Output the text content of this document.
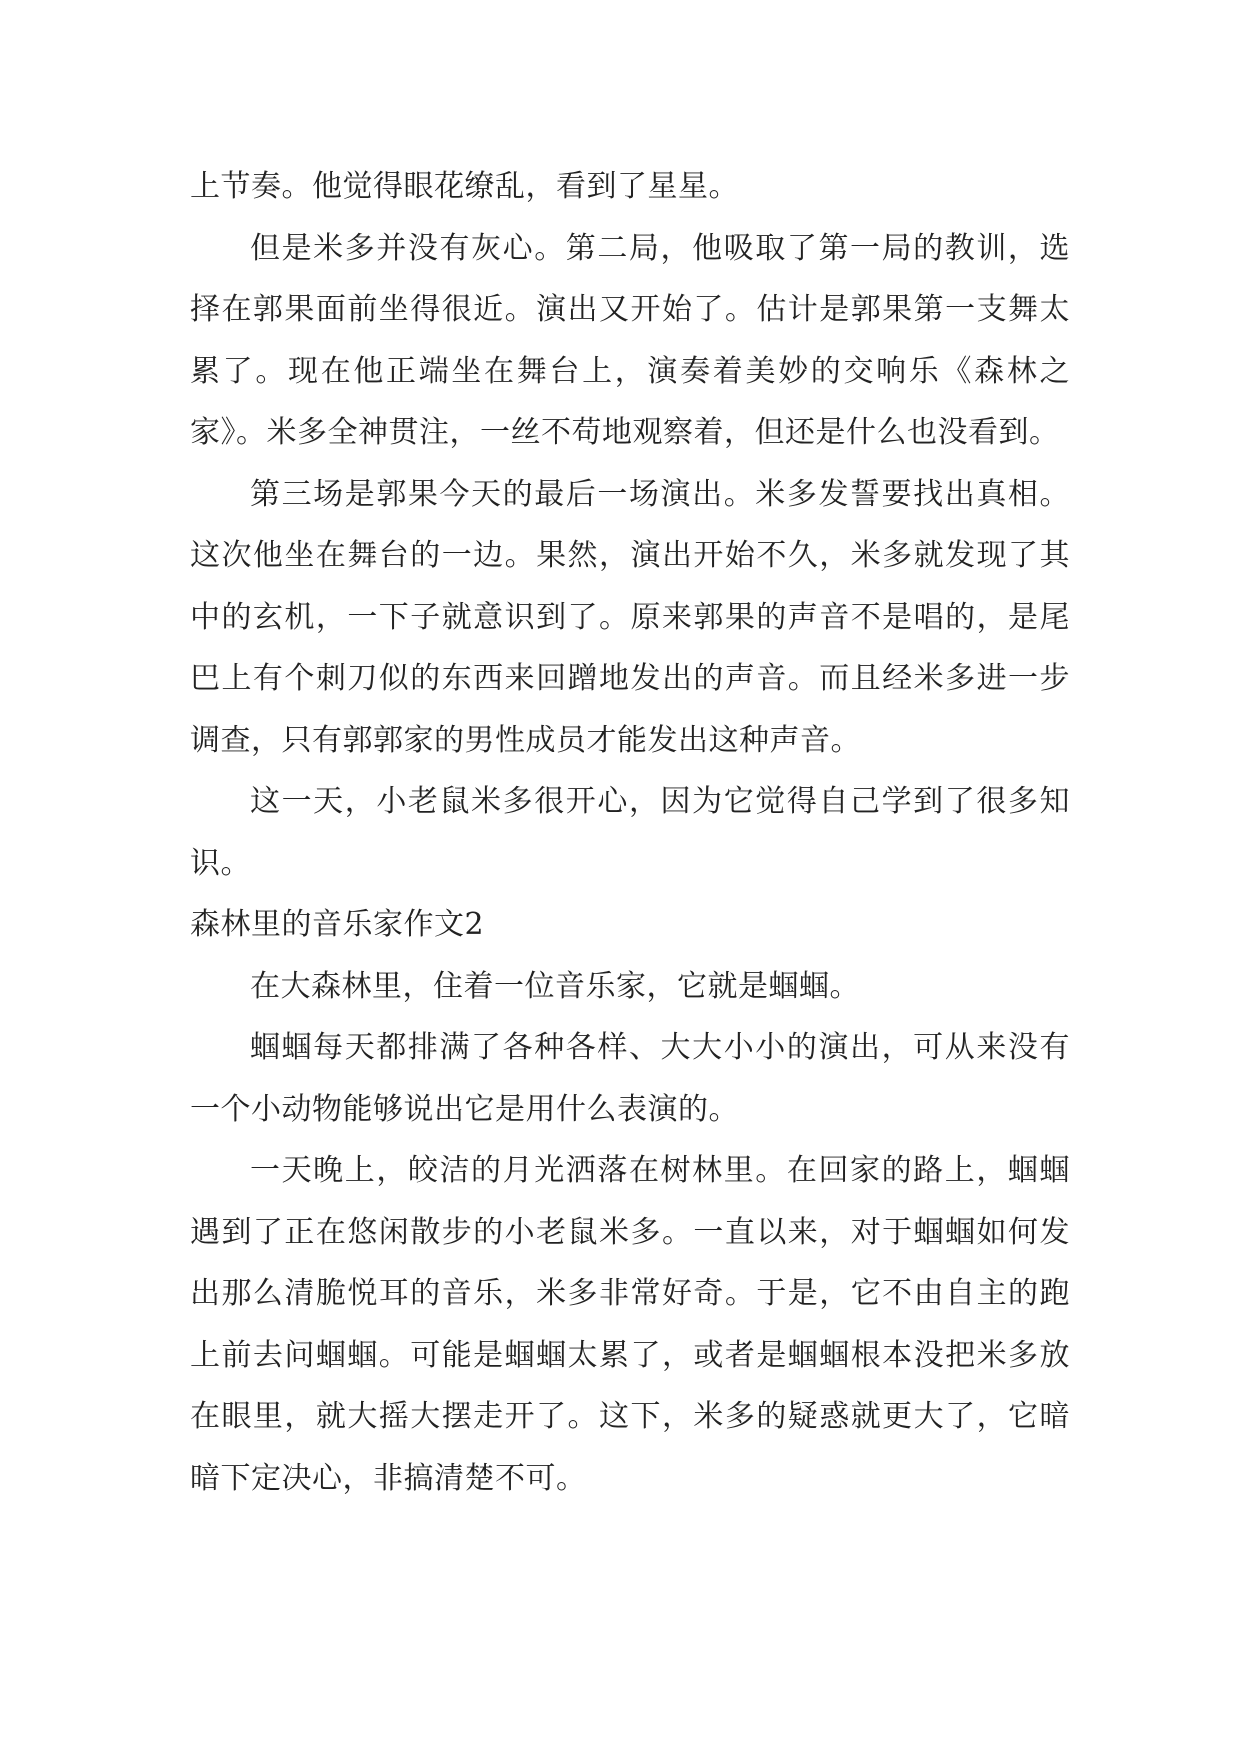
上节奏。他觉得眼花缭乱，看到了星星。

但是米多并没有灰心。第二局，他吸取了第一局的教训，选择在郭果面前坐得很近。演出又开始了。估计是郭果第一支舞太累了。现在他正端坐在舞台上，演奏着美妙的交响乐《森林之家》。米多全神贯注，一丝不苟地观察着，但还是什么也没看到。

第三场是郭果今天的最后一场演出。米多发誓要找出真相。这次他坐在舞台的一边。果然，演出开始不久，米多就发现了其中的玄机，一下子就意识到了。原来郭果的声音不是唱的，是尾巴上有个刺刀似的东西来回蹭地发出的声音。而且经米多进一步调查，只有郭郭家的男性成员才能发出这种声音。

这一天，小老鼠米多很开心，因为它觉得自己学到了很多知识。

森林里的音乐家作文2

在大森林里，住着一位音乐家，它就是蝈蝈。

蝈蝈每天都排满了各种各样、大大小小的演出，可从来没有一个小动物能够说出它是用什么表演的。

一天晚上，皎洁的月光洒落在树林里。在回家的路上，蝈蝈遇到了正在悠闲散步的小老鼠米多。一直以来，对于蝈蝈如何发出那么清脆悦耳的音乐，米多非常好奇。于是，它不由自主的跑上前去问蝈蝈。可能是蝈蝈太累了，或者是蝈蝈根本没把米多放在眼里，就大摇大摆走开了。这下，米多的疑惑就更大了，它暗暗下定决心，非搞清楚不可。
